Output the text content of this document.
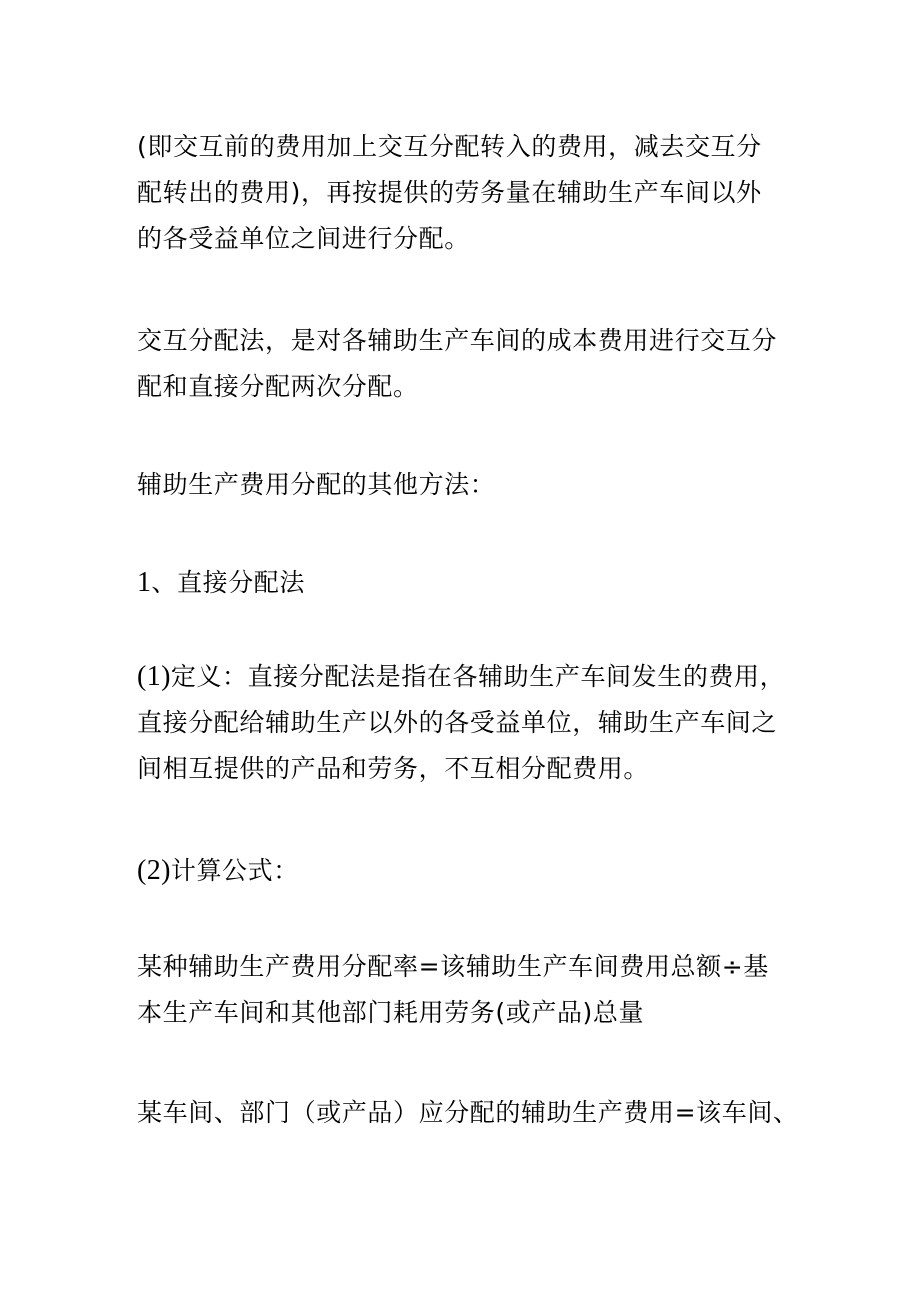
(即交互前的费用加上交互分配转入的费用，减去交互分
配转出的费用)，再按提供的劳务量在辅助生产车间以外
的各受益单位之间进行分配。

交互分配法，是对各辅助生产车间的成本费用进行交互分
配和直接分配两次分配。

辅助生产费用分配的其他方法：

1、直接分配法

(1)定义：直接分配法是指在各辅助生产车间发生的费用，
直接分配给辅助生产以外的各受益单位，辅助生产车间之
间相互提供的产品和劳务，不互相分配费用。

(2)计算公式：

某种辅助生产费用分配率=该辅助生产车间费用总额÷基
本生产车间和其他部门耗用劳务(或产品)总量

某车间、部门（或产品）应分配的辅助生产费用=该车间、
